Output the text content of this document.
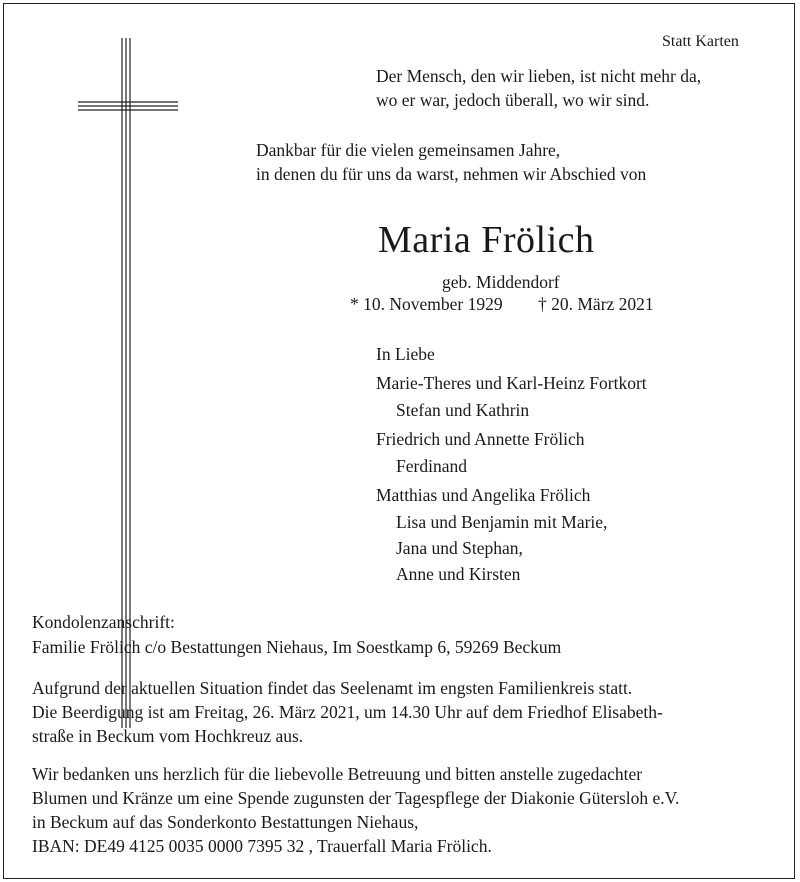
Statt Karten
Der Mensch, den wir lieben, ist nicht mehr da,
wo er war, jedoch überall, wo wir sind.
Dankbar für die vielen gemeinsamen Jahre,
in denen du für uns da warst, nehmen wir Abschied von
Maria Frölich
geb. Middendorf
* 10. November 1929 † 20. März 2021
In Liebe
Marie-Theres und Karl-Heinz Fortkort
Stefan und Kathrin
Friedrich und Annette Frölich
Ferdinand
Matthias und Angelika Frölich
Lisa und Benjamin mit Marie,
Jana und Stephan,
Anne und Kirsten
Kondolenzanschrift:
Familie Frölich c/o Bestattungen Niehaus, Im Soestkamp 6, 59269 Beckum
Aufgrund der aktuellen Situation findet das Seelenamt im engsten Familienkreis statt.
Die Beerdigung ist am Freitag, 26. März 2021, um 14.30 Uhr auf dem Friedhof Elisabeth-
straße in Beckum vom Hochkreuz aus.
Wir bedanken uns herzlich für die liebevolle Betreuung und bitten anstelle zugedachter
Blumen und Kränze um eine Spende zugunsten der Tagespflege der Diakonie Gütersloh e.V.
in Beckum auf das Sonderkonto Bestattungen Niehaus,
IBAN: DE49 4125 0035 0000 7395 32 , Trauerfall Maria Frölich.
